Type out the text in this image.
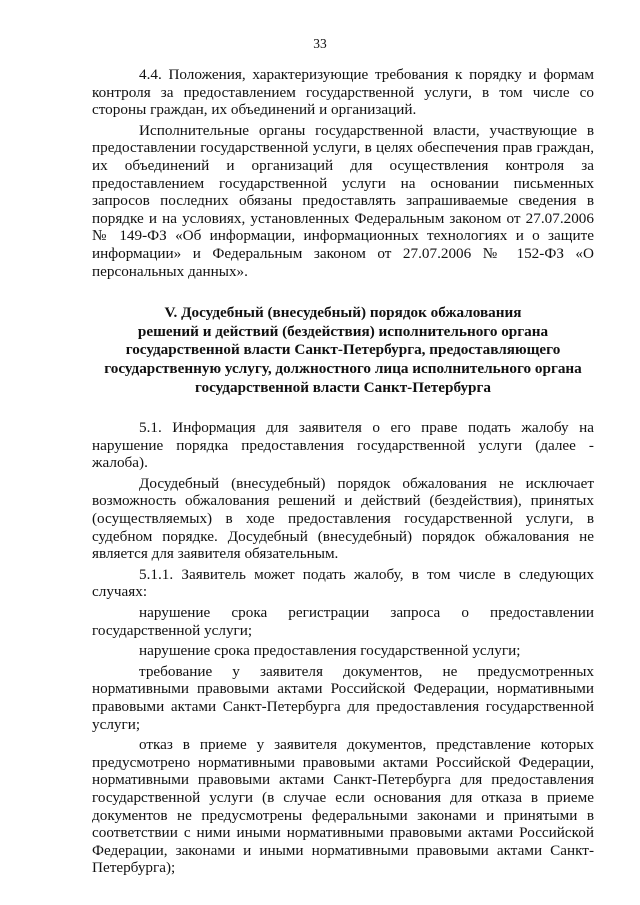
33

4.4. Положения, характеризующие требования к порядку и формам контроля за предоставлением государственной услуги, в том числе со стороны граждан, их объединений и организаций.

Исполнительные органы государственной власти, участвующие в предоставлении государственной услуги, в целях обеспечения прав граждан, их объединений и организаций для осуществления контроля за предоставлением государственной услуги на основании письменных запросов последних обязаны предоставлять запрашиваемые сведения в порядке и на условиях, установленных Федеральным законом от 27.07.2006 № 149-ФЗ «Об информации, информационных технологиях и о защите информации» и Федеральным законом от 27.07.2006 № 152-ФЗ «О персональных данных».

V. Досудебный (внесудебный) порядок обжалования
решений и действий (бездействия) исполнительного органа
государственной власти Санкт-Петербурга, предоставляющего
государственную услугу, должностного лица исполнительного органа
государственной власти Санкт-Петербурга

5.1. Информация для заявителя о его праве подать жалобу на нарушение порядка предоставления государственной услуги (далее - жалоба).

Досудебный (внесудебный) порядок обжалования не исключает возможность обжалования решений и действий (бездействия), принятых (осуществляемых) в ходе предоставления государственной услуги, в судебном порядке. Досудебный (внесудебный) порядок обжалования не является для заявителя обязательным.

5.1.1. Заявитель может подать жалобу, в том числе в следующих случаях:

нарушение срока регистрации запроса о предоставлении государственной услуги;

нарушение срока предоставления государственной услуги;

требование у заявителя документов, не предусмотренных нормативными правовыми актами Российской Федерации, нормативными правовыми актами Санкт-Петербурга для предоставления государственной услуги;

отказ в приеме у заявителя документов, представление которых предусмотрено нормативными правовыми актами Российской Федерации, нормативными правовыми актами Санкт-Петербурга для предоставления государственной услуги (в случае если основания для отказа в приеме документов не предусмотрены федеральными законами и принятыми в соответствии с ними иными нормативными правовыми актами Российской Федерации, законами и иными нормативными правовыми актами Санкт-Петербурга);
